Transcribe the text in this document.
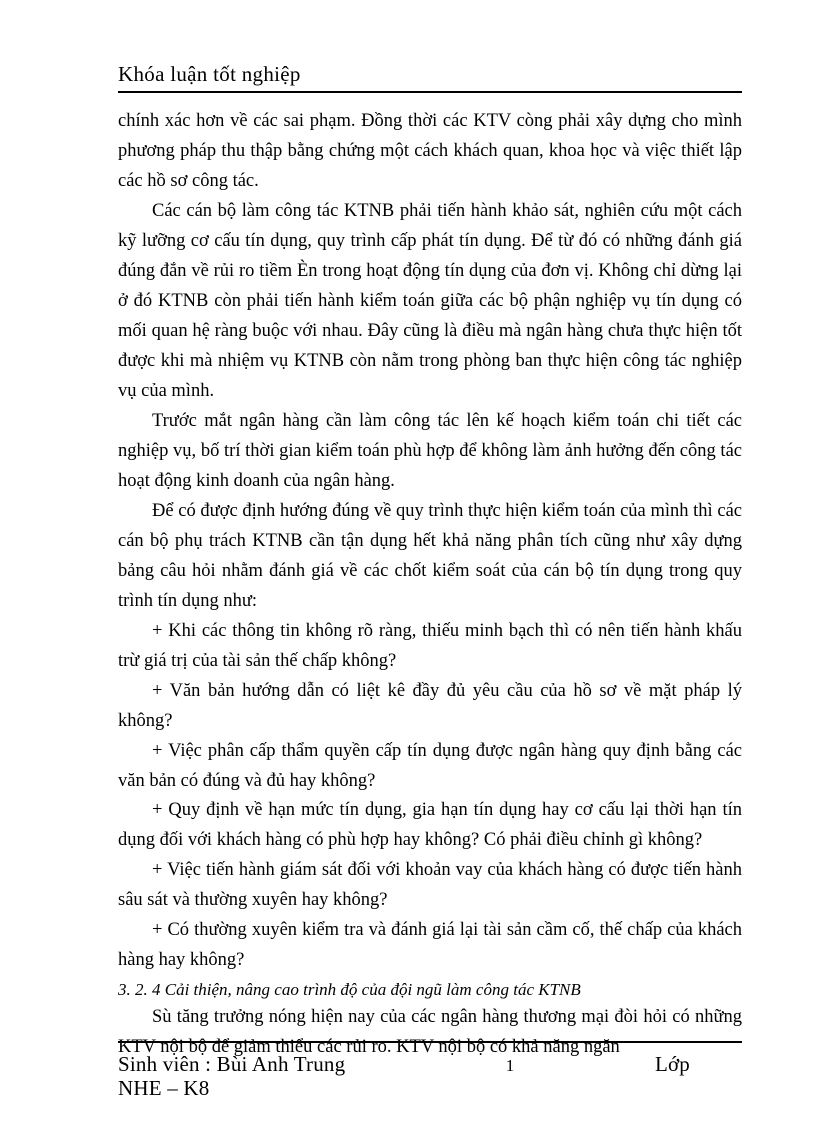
Khóa luận tốt nghiệp

chính xác hơn về các sai phạm. Đồng thời các KTV còng phải xây dựng cho mình phương pháp thu thập bằng chứng một cách khách quan, khoa học và việc thiết lập các hồ sơ công tác.

Các cán bộ làm công tác KTNB phải tiến hành khảo sát, nghiên cứu một cách kỹ lưỡng cơ cấu tín dụng, quy trình cấp phát tín dụng. Để từ đó có những đánh giá đúng đắn về rủi ro tiềm Èn trong hoạt động tín dụng của đơn vị. Không chỉ dừng lại ở đó KTNB còn phải tiến hành kiểm toán giữa các bộ phận nghiệp vụ tín dụng có mối quan hệ ràng buộc với nhau. Đây cũng là điều mà ngân hàng chưa thực hiện tốt được khi mà nhiệm vụ KTNB còn nằm trong phòng ban thực hiện công tác nghiệp vụ của mình.

Trước mắt ngân hàng cần làm công tác lên kế hoạch kiểm toán chi tiết các nghiệp vụ, bố trí thời gian kiểm toán phù hợp để không làm ảnh hưởng đến công tác hoạt động kinh doanh của ngân hàng.

Để có được định hướng đúng về quy trình thực hiện kiểm toán của mình thì các cán bộ phụ trách KTNB cần tận dụng hết khả năng phân tích cũng như xây dựng bảng câu hỏi nhằm đánh giá về các chốt kiểm soát của cán bộ tín dụng trong quy trình tín dụng như:

+ Khi các thông tin không rõ ràng, thiếu minh bạch thì có nên tiến hành khấu trừ giá trị của tài sản thế chấp không?

+ Văn bản hướng dẫn có liệt kê đầy đủ yêu cầu của hồ sơ về mặt pháp lý không?

+ Việc phân cấp thẩm quyền cấp tín dụng được ngân hàng quy định bằng các văn bản có đúng và đủ hay không?

+ Quy định về hạn mức tín dụng, gia hạn tín dụng hay cơ cấu lại thời hạn tín dụng đối với khách hàng có phù hợp hay không? Có phải điều chỉnh gì không?

+ Việc tiến hành giám sát đối với khoản vay của khách hàng có được tiến hành sâu sát và thường xuyên hay không?

+ Có thường xuyên kiểm tra và đánh giá lại tài sản cầm cố, thế chấp của khách hàng hay không?

3. 2. 4 Cải thiện, nâng cao trình độ của đội ngũ làm công tác KTNB

Sù tăng trưởng nóng hiện nay của các ngân hàng thương mại đòi hỏi có những KTV nội bộ để giảm thiểu các rủi ro. KTV nội bộ có khả năng ngăn

Sinh viên : Bùi Anh Trung	1	Lớp
NHE – K8
